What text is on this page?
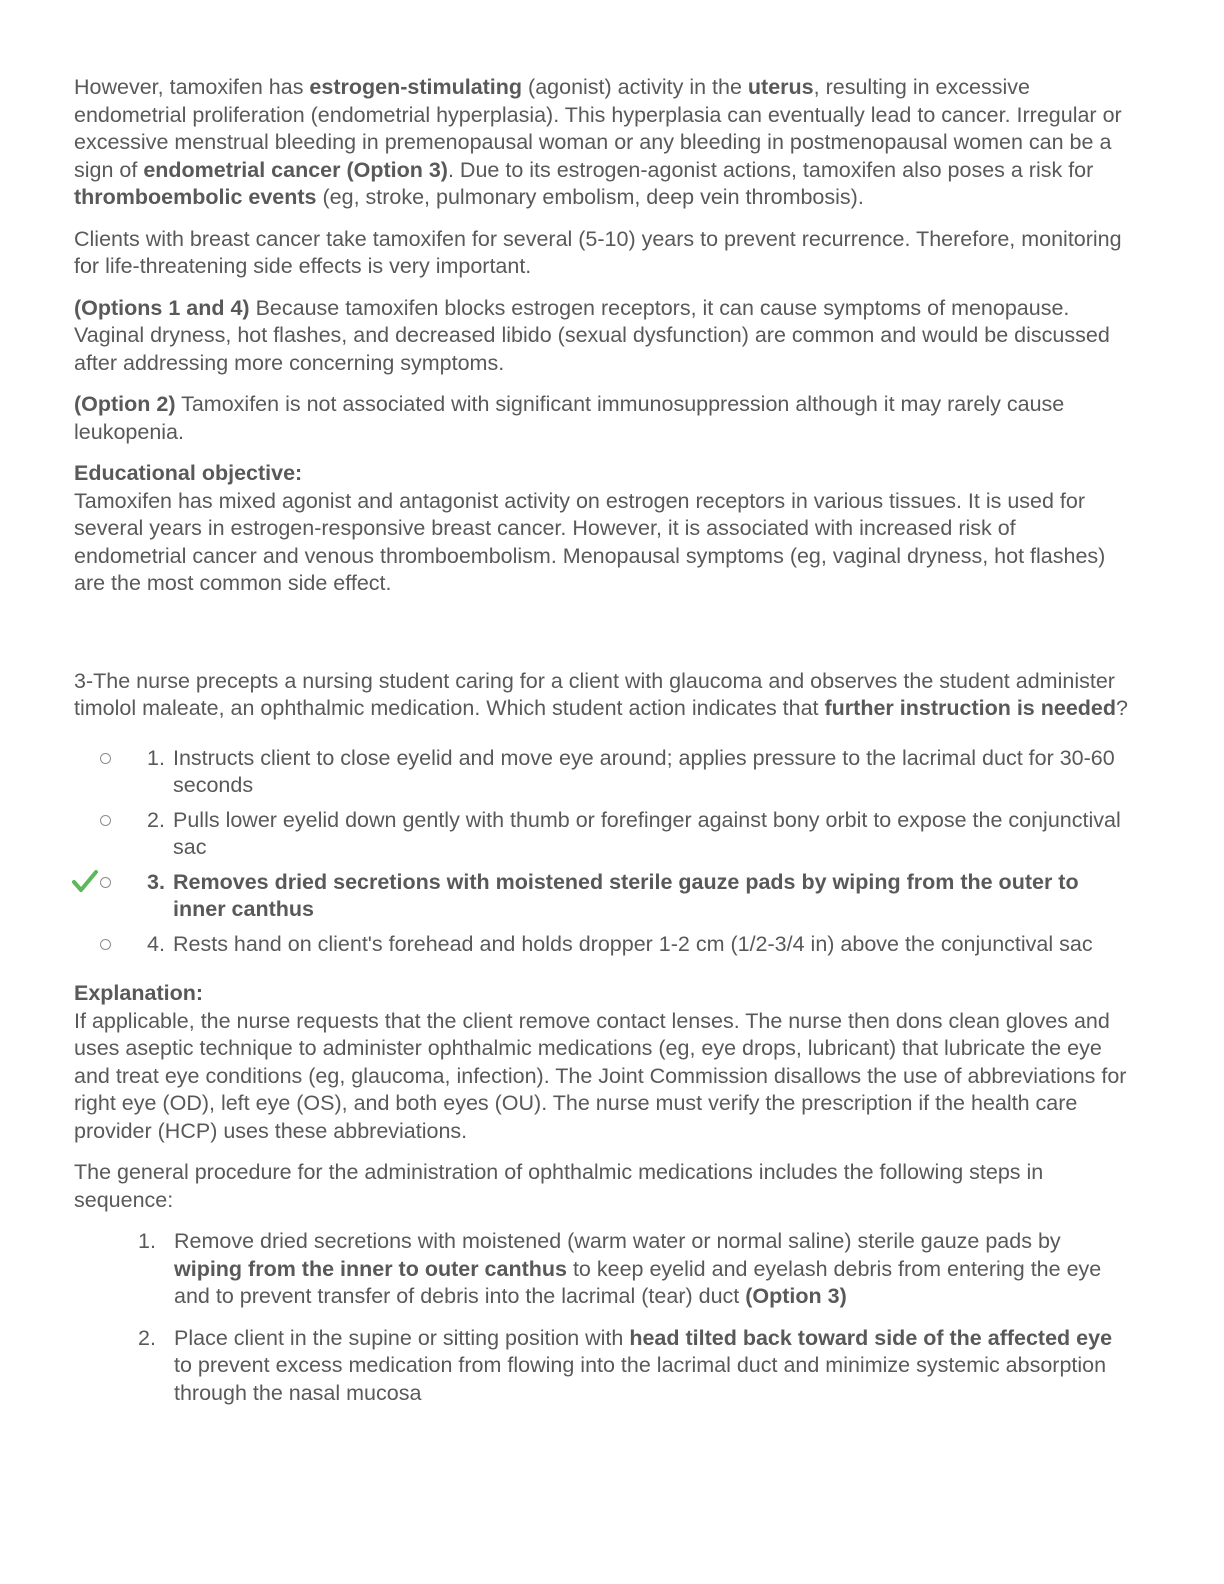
However, tamoxifen has estrogen-stimulating (agonist) activity in the uterus, resulting in excessive endometrial proliferation (endometrial hyperplasia). This hyperplasia can eventually lead to cancer. Irregular or excessive menstrual bleeding in premenopausal woman or any bleeding in postmenopausal women can be a sign of endometrial cancer (Option 3). Due to its estrogen-agonist actions, tamoxifen also poses a risk for thromboembolic events (eg, stroke, pulmonary embolism, deep vein thrombosis).

Clients with breast cancer take tamoxifen for several (5-10) years to prevent recurrence. Therefore, monitoring for life-threatening side effects is very important.

(Options 1 and 4) Because tamoxifen blocks estrogen receptors, it can cause symptoms of menopause. Vaginal dryness, hot flashes, and decreased libido (sexual dysfunction) are common and would be discussed after addressing more concerning symptoms.

(Option 2) Tamoxifen is not associated with significant immunosuppression although it may rarely cause leukopenia.

Educational objective:

Tamoxifen has mixed agonist and antagonist activity on estrogen receptors in various tissues. It is used for several years in estrogen-responsive breast cancer. However, it is associated with increased risk of endometrial cancer and venous thromboembolism. Menopausal symptoms (eg, vaginal dryness, hot flashes) are the most common side effect.

3-The nurse precepts a nursing student caring for a client with glaucoma and observes the student administer timolol maleate, an ophthalmic medication. Which student action indicates that further instruction is needed?

1. Instructs client to close eyelid and move eye around; applies pressure to the lacrimal duct for 30-60 seconds
2. Pulls lower eyelid down gently with thumb or forefinger against bony orbit to expose the conjunctival sac
3. Removes dried secretions with moistened sterile gauze pads by wiping from the outer to inner canthus
4. Rests hand on client's forehead and holds dropper 1-2 cm (1/2-3/4 in) above the conjunctival sac
Explanation:

If applicable, the nurse requests that the client remove contact lenses. The nurse then dons clean gloves and uses aseptic technique to administer ophthalmic medications (eg, eye drops, lubricant) that lubricate the eye and treat eye conditions (eg, glaucoma, infection). The Joint Commission disallows the use of abbreviations for right eye (OD), left eye (OS), and both eyes (OU). The nurse must verify the prescription if the health care provider (HCP) uses these abbreviations.

The general procedure for the administration of ophthalmic medications includes the following steps in sequence:

1. Remove dried secretions with moistened (warm water or normal saline) sterile gauze pads by wiping from the inner to outer canthus to keep eyelid and eyelash debris from entering the eye and to prevent transfer of debris into the lacrimal (tear) duct (Option 3)
2. Place client in the supine or sitting position with head tilted back toward side of the affected eye to prevent excess medication from flowing into the lacrimal duct and minimize systemic absorption through the nasal mucosa
